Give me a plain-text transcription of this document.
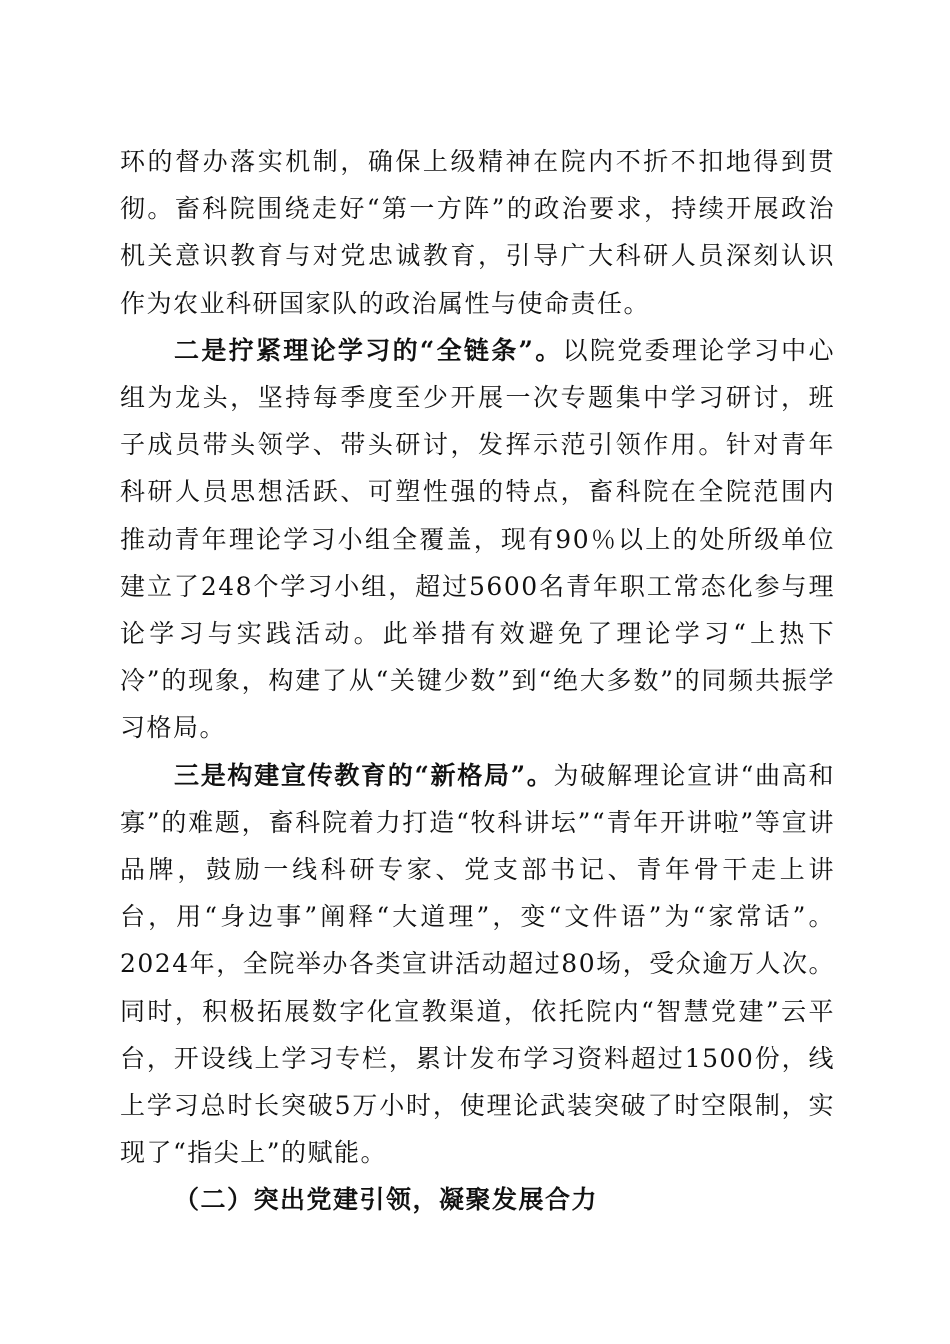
环的督办落实机制，确保上级精神在院内不折不扣地得到贯彻。畜科院围绕走好“第一方阵”的政治要求，持续开展政治机关意识教育与对党忠诚教育，引导广大科研人员深刻认识作为农业科研国家队的政治属性与使命责任。

二是拧紧理论学习的“全链条”。以院党委理论学习中心组为龙头，坚持每季度至少开展一次专题集中学习研讨，班子成员带头领学、带头研讨，发挥示范引领作用。针对青年科研人员思想活跃、可塑性强的特点，畜科院在全院范围内推动青年理论学习小组全覆盖，现有90％以上的处所级单位建立了248个学习小组，超过5600名青年职工常态化参与理论学习与实践活动。此举措有效避免了理论学习“上热下冷”的现象，构建了从“关键少数”到“绝大多数”的同频共振学习格局。

三是构建宣传教育的“新格局”。为破解理论宣讲“曲高和寡”的难题，畜科院着力打造“牧科讲坛”“青年开讲啦”等宣讲品牌，鼓励一线科研专家、党支部书记、青年骨干走上讲台，用“身边事”阐释“大道理”，变“文件语”为“家常话”。2024年，全院举办各类宣讲活动超过80场，受众逾万人次。同时，积极拓展数字化宣教渠道，依托院内“智慧党建”云平台，开设线上学习专栏，累计发布学习资料超过1500份，线上学习总时长突破5万小时，使理论武装突破了时空限制，实现了“指尖上”的赋能。

（二）突出党建引领，凝聚发展合力
